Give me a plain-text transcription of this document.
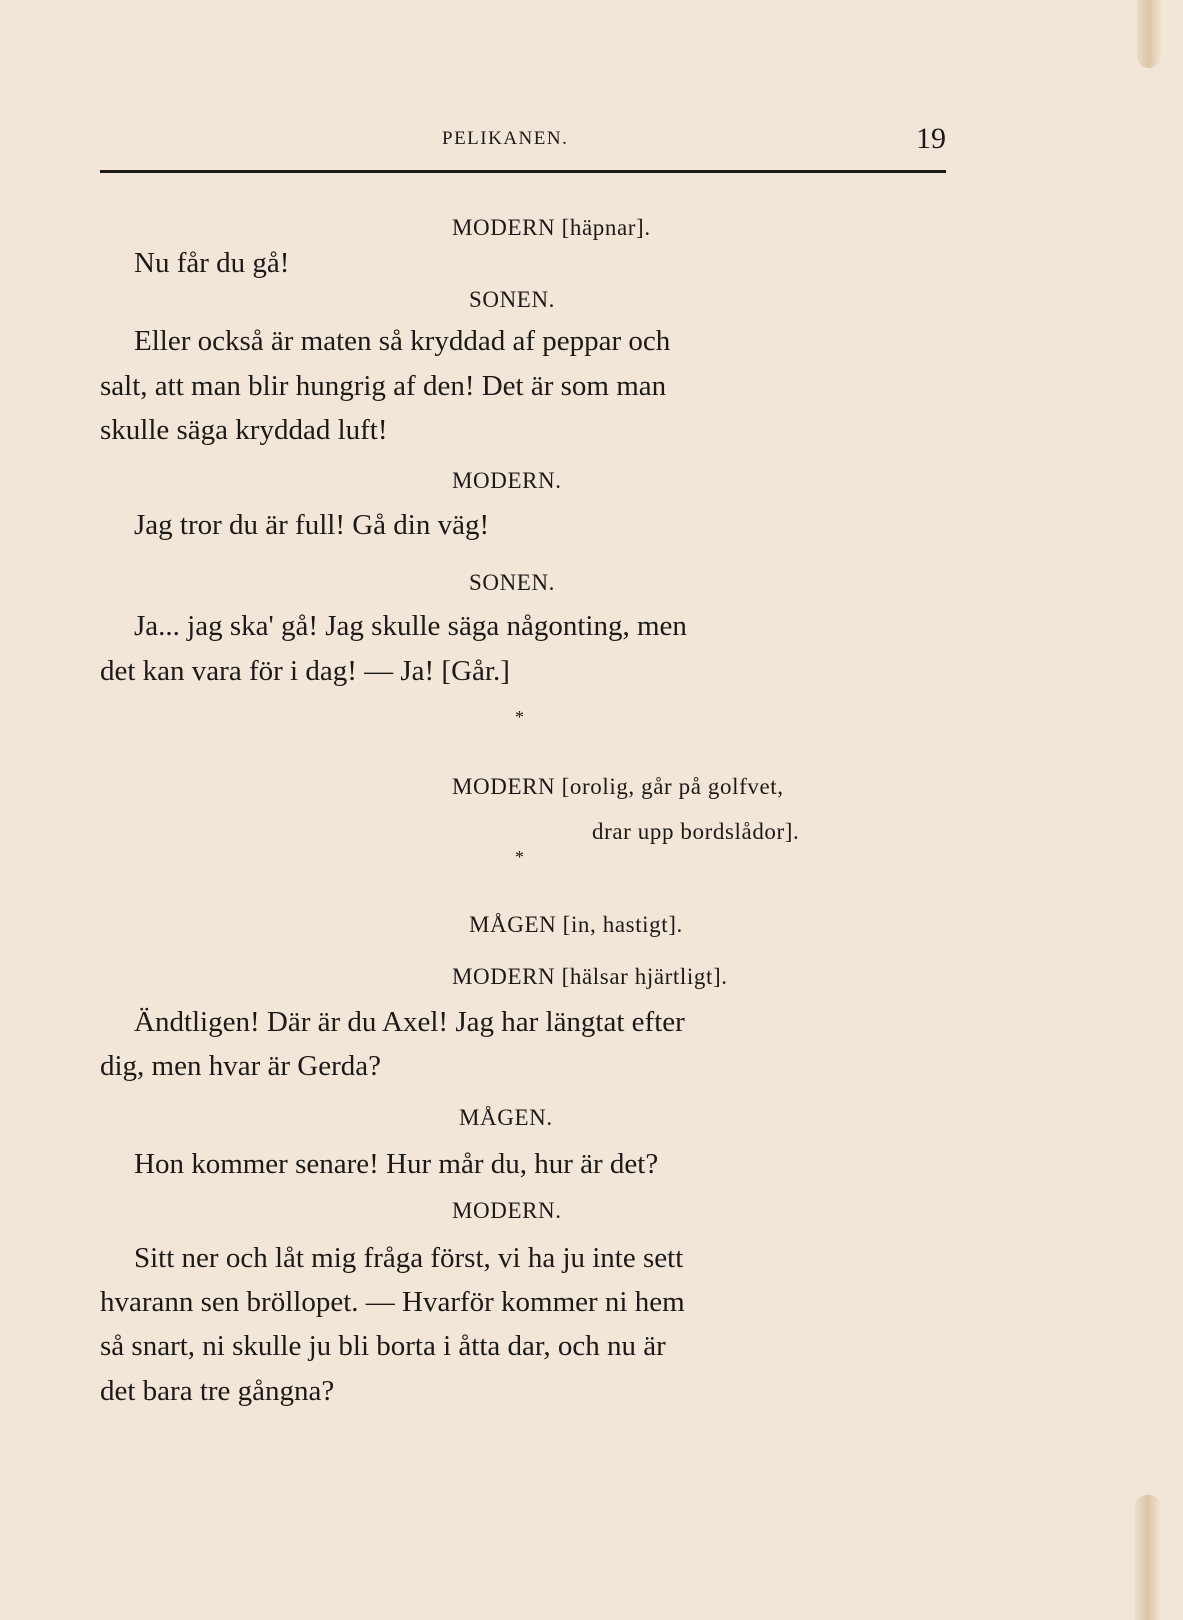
PELIKANEN.	19
MODERN [häpnar].
Nu får du gå!
SONEN.
Eller också är maten så kryddad af peppar och
salt, att man blir hungrig af den! Det är som man
skulle säga kryddad luft!
MODERN.
Jag tror du är full! Gå din väg!
SONEN.
Ja... jag ska' gå! Jag skulle säga någonting, men
det kan vara för i dag! — Ja! [Går.]
*
MODERN [orolig, går på golfvet,
drar upp bordslådor].
*
MÅGEN [in, hastigt].
MODERN [hälsar hjärtligt].
Ändtligen! Där är du Axel! Jag har längtat efter
dig, men hvar är Gerda?
MÅGEN.
Hon kommer senare! Hur mår du, hur är det?
MODERN.
Sitt ner och låt mig fråga först, vi ha ju inte sett
hvarann sen bröllopet. — Hvarför kommer ni hem
så snart, ni skulle ju bli borta i åtta dar, och nu är
det bara tre gångna?
